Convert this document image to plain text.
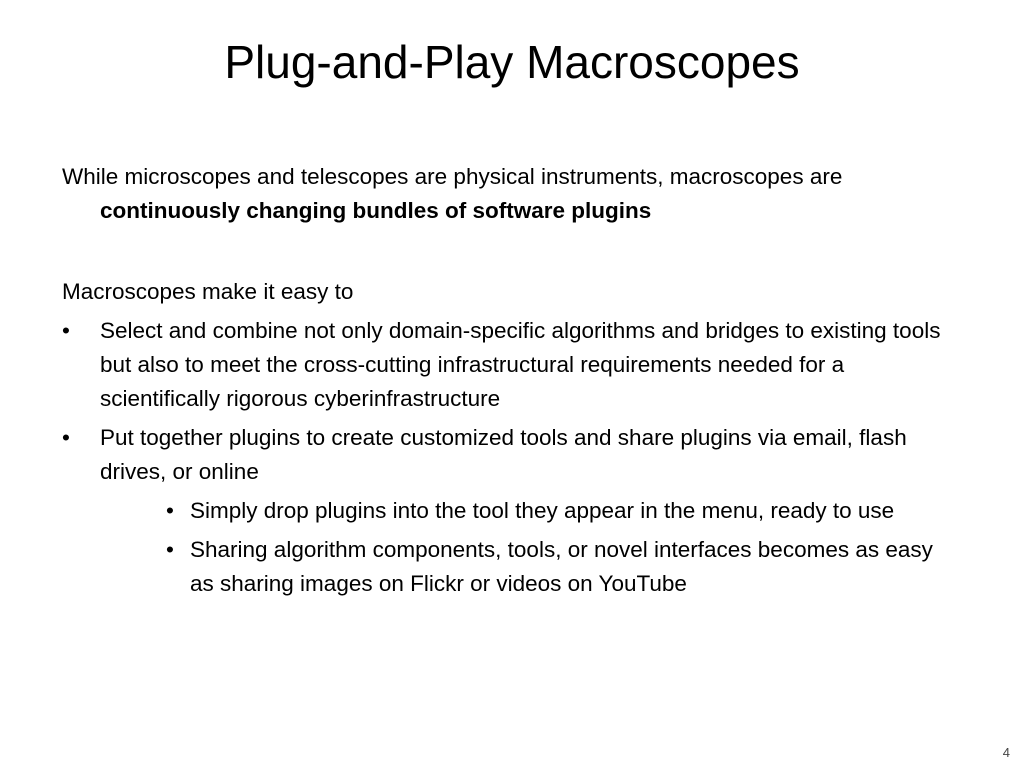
Plug-and-Play Macroscopes

While microscopes and telescopes are physical instruments, macroscopes are continuously changing bundles of software plugins

Macroscopes make it easy to

• Select and combine not only domain-specific algorithms and bridges to existing tools but also to meet the cross-cutting infrastructural requirements needed for a scientifically rigorous cyberinfrastructure
• Put together plugins to create customized tools and share plugins via email, flash drives, or online
• Simply drop plugins into the tool they appear in the menu, ready to use
• Sharing algorithm components, tools, or novel interfaces becomes as easy as sharing images on Flickr or videos on YouTube
4
